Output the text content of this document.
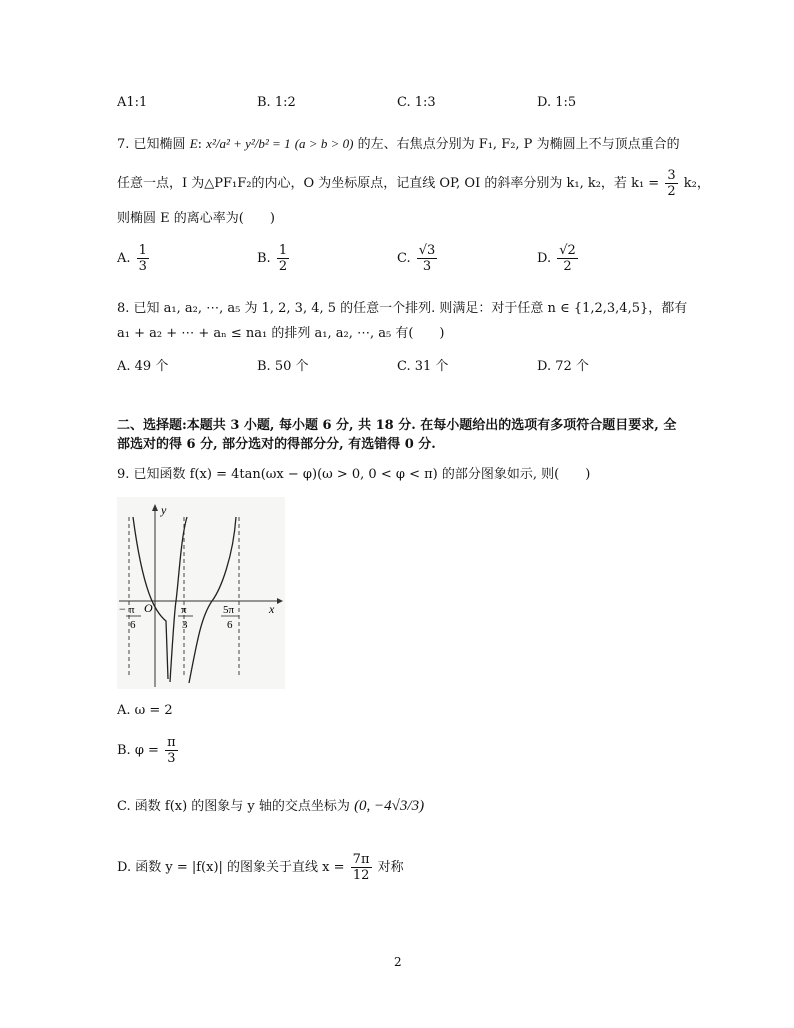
A1:1	B. 1:2	C. 1:3	D. 1:5
7. 已知椭圆 E: x²/a² + y²/b² = 1 (a > b > 0) 的左、右焦点分别为 F₁, F₂, P 为椭圆上不与顶点重合的
任意一点，I 为△PF₁F₂的内心，O 为坐标原点，记直线 OP, OI 的斜率分别为 k₁, k₂，若 $k_1 = \frac{3}{2} k_2$，
则椭圆 E 的离心率为(　　)
A. $\frac{1}{3}$	B. $\frac{1}{2}$	C. $\frac{√3}{3}$	D. $\frac{√2}{2}$
8. 已知 a₁, a₂, ⋯, a₅ 为 1, 2, 3, 4, 5 的任意一个排列. 则满足：对于任意 n ∈ {1,2,3,4,5}，都有
a₁ + a₂ + ⋯ + aₙ ≤ na₁ 的排列 a₁, a₂, ⋯, a₅ 有(　　)
A. 49 个	B. 50 个	C. 31 个	D. 72 个
二、选择题:本题共 3 小题, 每小题 6 分, 共 18 分. 在每小题给出的选项有多项符合题目要求, 全
部选对的得 6 分, 部分选对的得部分分, 有选错得 0 分.
9. 已知函数 f(x) = 4tan(ωx − φ)(ω > 0, 0 < φ < π) 的部分图象如示, 则(　　)
y
x
O
− π
6
π
3
5π
6
A. ω = 2
B. $\varphi = \frac{\pi}{3}$
C. 函数 f(x) 的图象与 y 轴的交点坐标为 (0, −4√3/3)
D. 函数 y = |f(x)| 的图象关于直线 $x = \frac{7\pi}{12}$ 对称
2
